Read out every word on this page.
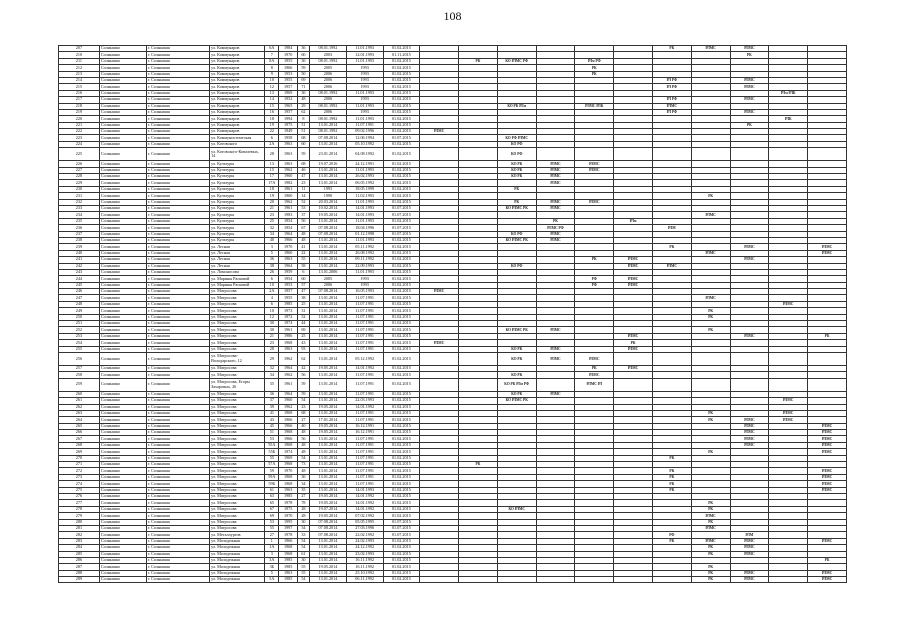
108
207	Солнышко	г. Солнышко	ул. Коммунаров	6А	1984	36	08.01.1992	11.01.1993	01.02.2015							РК	РЛМС	РЛМС		
210	Солнышко	г. Солнышко	ул. Коммунаров	7	1970	60	2003	12.01.1993	01.11.2015									РК		
211	Солнышко	г. Солнышко	ул. Коммунаров	8А	1955	36	08.01.1992	11.01.1993	01.02.2015		РК	КО РЛМС РФ		РЛм РФ						
212	Солнышко	г. Солнышко	ул. Коммунаров	8	1966	59	2005	1993	01.02.2015					РК						
213	Солнышко	г. Солнышко	ул. Коммунаров	9	1953	50	2006	1993	01.02.2015					РК						
214	Солнышко	г. Солнышко	ул. Коммунаров	10	1955	69	2006	1993	01.02.2015							РЛ РФ		РЛМС		
215	Солнышко	г. Солнышко	ул. Коммунаров	12	1957	71	2006	1993	01.02.2015							РЛ РФ		РЛМС		
216	Солнышко	г. Солнышко	ул. Коммунаров	13	1969	36	08.01.1992	11.01.1993	01.02.2015										РЛм РЛК	
217	Солнышко	г. Солнышко	ул. Коммунаров	14	1952	48	2006	1993	01.02.2015							РЛ РФ		РЛМС		
218	Солнышко	г. Солнышко	ул. Коммунаров	15	1965	29	08.01.1992	11.01.1993	01.02.2015			КО РК РЛм		РЛМС РЛК		РЛМС				
219	Солнышко	г. Солнышко	ул. Коммунаров	16	1957	62	2006	1993	01.02.2015							РЛ РФ		РЛМС		
220	Солнышко	г. Солнышко	ул. Коммунаров	18	1994	8	08.01.1992	11.01.1993	01.02.2015										РЛК	
221	Солнышко	г. Солнышко	ул. Коммунаров	19	1975	51	13.01.2014	11.07.1991	01.02.2015									РК		
222	Солнышко	г. Солнышко	ул. Коммунаров	22	1949	51	08.01.1992	09.02.1996	01.02.2015	РЛМС										
223	Солнышко	г. Солнышко	ул. Коммунистическая	6	1958	68	07.08.2014	12.06.1994	01.07.2015			КО РФ РЛМС								
224	Солнышко	г. Солнышко	ул. Котовского	2А	1963	60	13.01.2014	05.10.1992	01.02.2015			КО РФ								
225	Солнышко	г. Солнышко	ул. Котовского-Ковалевых, 14	28	1963	59	23.01.2014	04.08.1992	01.02.2015			КО РФ								
226	Солнышко	г. Солнышко	ул. Культуры	13	1963	68	19.07.2016	24.12.1991	01.02.2015			КО РК	РЛМС	РЛМС						
227	Солнышко	г. Солнышко	ул. Культуры	15	1962	46	13.01.2014	11.01.1993	01.02.2015			КО РК	РЛМС	РЛМС						
228	Солнышко	г. Солнышко	ул. Культуры	17	1960	47	13.01.2014	26.02.1993	01.02.2015			КО РК	РЛМС							
229	Солнышко	г. Солнышко	ул. Культуры	17А	1982	23	13.01.2014	06.05.1992	01.02.2015				РЛМС							
230	Солнышко	г. Солнышко	ул. Культуры	18	1961	11	1993	18.05.1999	01.02.2015			РК								
231	Солнышко	г. Солнышко	ул. Культуры	19	1960	14	1990	11.02.1993	01.02.2015								РК			
232	Солнышко	г. Солнышко	ул. Культуры	20	1962	52	20.03.2014	11.01.1993	01.02.2015			РК	РЛМС	РЛМС						
233	Солнышко	г. Солнышко	ул. Культуры	21	1961	53	10.02.2014	14.01.1993	01.07.2015			КО РЛМС РК	РЛМС							
234	Солнышко	г. Солнышко	ул. Культуры	23	1983	37	19.05.2014	14.01.1993	01.07.2015								РЛМС			
235	Солнышко	г. Солнышко	ул. Культуры	25	1954	56	13.01.2014	11.01.1993	01.02.2015				РК		РЛм					
236	Солнышко	г. Солнышко	ул. Культуры	32	1954	67	07.08.2014	18.04.1996	01.07.2015				РЛМС РФ			РЛМ				
237	Солнышко	г. Солнышко	ул. Культуры	34	1964	48	07.08.2014	01.12.1998	01.07.2015			КО РФ	РЛМС							
238	Солнышко	г. Солнышко	ул. Культуры	40	1966	48	13.01.2014	11.01.1993	01.02.2015			КО РЛМС РК	РЛМС							
239	Солнышко	г. Солнышко	ул. Лесная	3	1970	41	13.01.2014	05.11.1992	01.02.2015							РК		РЛМС		РЛМС
240	Солнышко	г. Солнышко	ул. Лесная	5	1960	22	13.01.2014	26.08.1992	01.02.2015								РЛМС			РЛМС
241	Солнышко	г. Солнышко	ул. Лесная	36	1963	55	13.01.2014	09.11.1992	01.02.2015					РК	РЛМС			РЛМС		
242	Солнышко	г. Солнышко	ул. Лесная	38	1964	58	13.01.2014	22.09.1993	01.02.2015			КО РФ			РЛМС	РЛМС				
243	Солнышко	г. Солнышко	ул. Ломоносова	26	1959	6	13.01.2006	11.01.1993	01.02.2015											
244	Солнышко	г. Солнышко	ул. Марины Расковой	6	1954	60	2005	1993	01.02.2015					РФ	РЛМС					
245	Солнышко	г. Солнышко	ул. Марины Расковой	10	1953	57	2006	1993	01.02.2015					РФ	РЛМС					
246	Солнышко	г. Солнышко	ул. Матросова	2А	1957	47	07.08.2014	16.05.1993	01.02.2015	РЛМС										
247	Солнышко	г. Солнышко	ул. Матросова	4	1955	38	13.01.2014	11.07.1991	01.02.2015								РЛМС			
248	Солнышко	г. Солнышко	ул. Матросова	6	1985	25	13.01.2014	11.07.1991	01.02.2015										РЛМС	
249	Солнышко	г. Солнышко	ул. Матросова	10	1973	31	13.01.2014	11.07.1991	01.02.2015								РК			
250	Солнышко	г. Солнышко	ул. Матросова	12	1972	52	13.01.2014	11.07.1991	01.02.2015								РК			
251	Солнышко	г. Солнышко	ул. Матросова	30	1974	44	13.01.2014	11.07.1991	01.02.2015											
252	Солнышко	г. Солнышко	ул. Матросова	30	1961	69	13.01.2014	11.07.1991	01.02.2015			КО РЛМС РК	РЛМС				РК			
253	Солнышко	г. Солнышко	ул. Матросова	21	1986	25	13.01.2014	11.07.1991	01.02.2015						РЛМС			РЛМС		РК
254	Солнышко	г. Солнышко	ул. Матросова	23	1968	43	13.01.2014	11.07.1991	01.02.2015	РЛМС					РК					
255	Солнышко	г. Солнышко	ул. Матросова	28	1963	93	13.01.2014	11.07.1991	01.02.2015			КО РК	РЛМС		РЛМС					
256	Солнышко	г. Солнышко	ул. Матросова-Володарского, 12	29	1962	62	13.01.2014	05.12.1992	01.02.2015			КО РК	РЛМС	РЛМС						
257	Солнышко	г. Солнышко	ул. Матросова	32	1964	42	19.05.2014	14.01.1992	01.02.2015					РК	РЛМС					
258	Солнышко	г. Солнышко	ул. Матросова	34	1962	56	13.01.2014	11.07.1991	01.02.2015			КО РК		РЛМС						
259	Солнышко	г. Солнышко	ул. Матросова, Егоры Захаровых, 26	35	1961	59	13.01.2014	11.07.1991	01.02.2015			КО РК РЛм РФ		РЛМС РЛ						
260	Солнышко	г. Солнышко	ул. Матросова	36	1964	59	13.01.2014	11.07.1991	01.02.2015			КО РК	РЛМС							
261	Солнышко	г. Солнышко	ул. Матросова	37	1960	54	13.01.2014	22.03.1993	01.02.2015			КО РЛМС РК							РЛМС	
262	Солнышко	г. Солнышко	ул. Матросова	39	1962	23	19.05.2014	14.01.1992	01.02.2015											
263	Солнышко	г. Солнышко	ул. Матросова	41	1968	68	13.01.2014	11.07.1991	01.02.2015								РК		РЛМС	
264	Солнышко	г. Солнышко	ул. Матросова	43	1966	27	17.01.2014	11.07.1991	01.02.2015								РК	РЛМС	РЛМС	
265	Солнышко	г. Солнышко	ул. Матросова	45	1966	40	19.05.2014	16.12.1991	01.02.2015									РЛМС		РЛМС
266	Солнышко	г. Солнышко	ул. Матросова	51	1968	48	19.05.2014	16.12.1991	01.02.2015									РЛМС		РЛМС
267	Солнышко	г. Солнышко	ул. Матросова	53	1966	56	13.01.2014	11.07.1991	01.02.2015									РЛМС		РЛМС
268	Солнышко	г. Солнышко	ул. Матросова	55А	1968	48	13.01.2014	11.07.1991	01.02.2015									РЛМС		РЛМС
269	Солнышко	г. Солнышко	ул. Матросова	55Б	1974	48	13.01.2014	11.07.1991	01.02.2015								РК			РЛМС
270	Солнышко	г. Солнышко	ул. Матросова	55	1969	54	13.01.2014	11.07.1991	01.02.2015							РК				
271	Солнышко	г. Солнышко	ул. Матросова	57А	1968	73	13.01.2014	11.07.1991	01.02.2015		РК									
272	Солнышко	г. Солнышко	ул. Матросова	59	1970	48	13.01.2014	11.07.1991	01.02.2015							РК				РЛМС
273	Солнышко	г. Солнышко	ул. Матросова	59А	1968	36	13.01.2014	11.07.1991	01.02.2015							РК				РЛМС
274	Солнышко	г. Солнышко	ул. Матросова	59Б	1968	34	13.01.2014	11.07.1991	01.02.2015							РК				РЛМС
275	Солнышко	г. Солнышко	ул. Матросова	61	1963	35	13.01.2014	14.01.1993	01.02.2015							РК				РЛМС
276	Солнышко	г. Солнышко	ул. Матросова	63	1985	27	19.05.2014	14.01.1992	01.02.2015											
277	Солнышко	г. Солнышко	ул. Матросова	65	1978	78	19.05.2014	14.01.1992	01.02.2015								РК			
278	Солнышко	г. Солнышко	ул. Матросова	67	1975	28	19.07.2014	14.01.1992	01.02.2015			КО РЛМС					РК			
279	Солнышко	г. Солнышко	ул. Матросова	69	1970	28	19.05.2014	07.02.1992	01.02.2015								РЛМС			
280	Солнышко	г. Солнышко	ул. Матросова	53	1995	30	07.08.2014	05.05.1995	01.07.2015								РК			
281	Солнышко	г. Солнышко	ул. Матросова	55	1997	34	07.08.2014	27.03.1996	01.07.2015								РЛМС			
282	Солнышко	г. Солнышко	ул. Металлургов	27	1978	33	07.08.2014	22.02.1992	01.07.2015							РФ		РЛМ		
283	Солнышко	г. Солнышко	ул. Молодежная	1	1966	54	13.01.2014	24.02.1993	01.02.2015							РК	РЛМС	РЛМС		РЛМС
284	Солнышко	г. Солнышко	ул. Молодежная	1А	1968	54	13.01.2014	24.12.1992	01.02.2015								РК	РЛМС		
285	Солнышко	г. Солнышко	ул. Молодежная	3	1968	61	13.01.2014	23.02.1993	01.02.2015								РК	РЛМС		
286	Солнышко	г. Солнышко	ул. Молодежная	3А	1985	30	13.01.2014	16.11.1992	01.02.2015											РК
287	Солнышко	г. Солнышко	ул. Молодежная	3Б	1985	55	19.05.2014	16.11.1992	01.02.2015								РК			
288	Солнышко	г. Солнышко	ул. Молодежная	5	1963	55	13.01.2014	25.10.1992	01.02.2015								РК	РЛМС		РЛМС
289	Солнышко	г. Солнышко	ул. Молодежная	5А	1985	54	13.01.2014	06.11.1992	01.02.2015								РК	РЛМС		РЛМС
